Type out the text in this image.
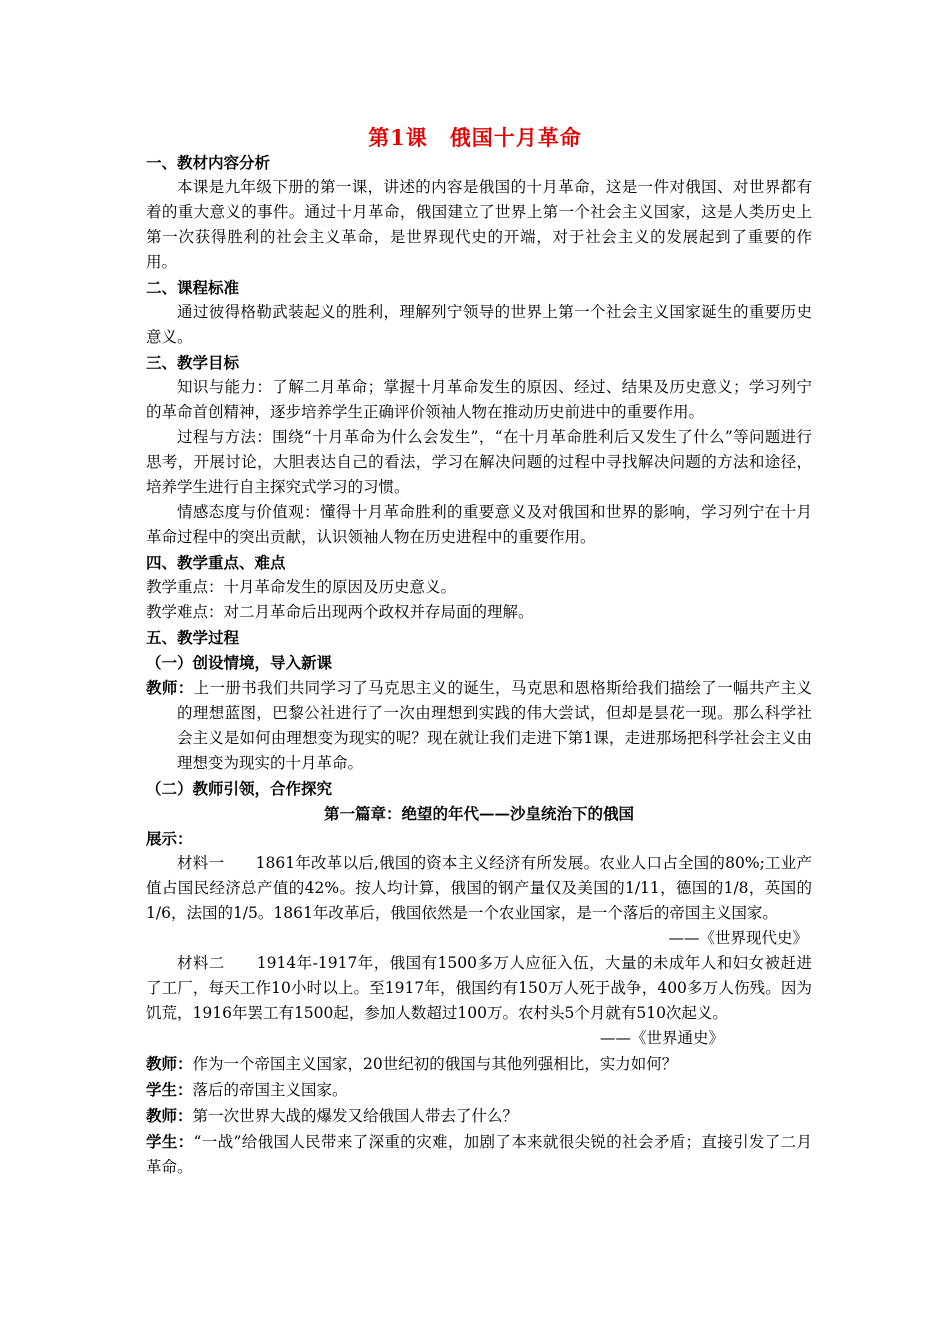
第1课　俄国十月革命

一、教材内容分析

本课是九年级下册的第一课，讲述的内容是俄国的十月革命，这是一件对俄国、对世界都有着的重大意义的事件。通过十月革命，俄国建立了世界上第一个社会主义国家，这是人类历史上第一次获得胜利的社会主义革命，是世界现代史的开端，对于社会主义的发展起到了重要的作用。

二、课程标准

通过彼得格勒武装起义的胜利，理解列宁领导的世界上第一个社会主义国家诞生的重要历史意义。

三、教学目标

知识与能力：了解二月革命；掌握十月革命发生的原因、经过、结果及历史意义；学习列宁的革命首创精神，逐步培养学生正确评价领袖人物在推动历史前进中的重要作用。

过程与方法：围绕“十月革命为什么会发生”，“在十月革命胜利后又发生了什么”等问题进行思考，开展讨论，大胆表达自己的看法，学习在解决问题的过程中寻找解决问题的方法和途径，培养学生进行自主探究式学习的习惯。

情感态度与价值观：懂得十月革命胜利的重要意义及对俄国和世界的影响，学习列宁在十月革命过程中的突出贡献，认识领袖人物在历史进程中的重要作用。

四、教学重点、难点

教学重点：十月革命发生的原因及历史意义。

教学难点：对二月革命后出现两个政权并存局面的理解。

五、教学过程

（一）创设情境，导入新课

教师：上一册书我们共同学习了马克思主义的诞生，马克思和恩格斯给我们描绘了一幅共产主义的理想蓝图，巴黎公社进行了一次由理想到实践的伟大尝试，但却是昙花一现。那么科学社会主义是如何由理想变为现实的呢？现在就让我们走进下第1课，走进那场把科学社会主义由理想变为现实的十月革命。

（二）教师引领，合作探究

第一篇章：绝望的年代——沙皇统治下的俄国

展示：

材料一　　1861年改革以后,俄国的资本主义经济有所发展。农业人口占全国的80%;工业产值占国民经济总产值的42%。按人均计算，俄国的钢产量仅及美国的1/11，德国的1/8，英国的1/6，法国的1/5。1861年改革后，俄国依然是一个农业国家，是一个落后的帝国主义国家。

——《世界现代史》

材料二　　1914年-1917年，俄国有1500多万人应征入伍，大量的未成年人和妇女被赶进了工厂，每天工作10小时以上。至1917年，俄国约有150万人死于战争，400多万人伤残。因为饥荒，1916年罢工有1500起，参加人数超过100万。农村头5个月就有510次起义。

——《世界通史》

教师：作为一个帝国主义国家，20世纪初的俄国与其他列强相比，实力如何？

学生：落后的帝国主义国家。

教师：第一次世界大战的爆发又给俄国人带去了什么？

学生：“一战”给俄国人民带来了深重的灾难，加剧了本来就很尖锐的社会矛盾；直接引发了二月革命。
